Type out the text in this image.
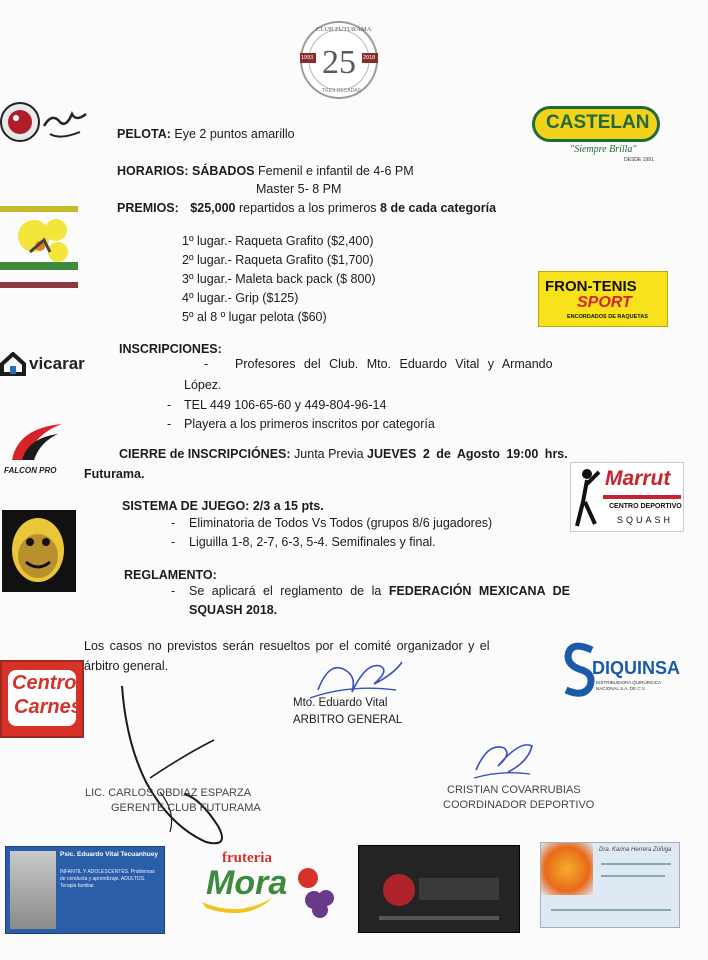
25
CLUB FUTURAMA
1993	2018
TRES DÉCADAS
vicarar
FALCON PRO
Centro
Carnes
CASTELAN
"Siempre Brilla"
DESDE 1991
FRON-TENIS
SPORT
ENCORDADOS DE RAQUETAS
Marrut
CENTRO DEPORTIVO
SQUASH
DIQUINSA
DISTRIBUIDORA QUIRÚRGICA NACIONAL S.A. DE C.V.
PELOTA: Eye 2 puntos amarillo
HORARIOS: SÁBADOS Femenil e infantil de 4-6 PM
Master 5- 8 PM
PREMIOS: $25,000 repartidos a los primeros 8 de cada categoría
1º lugar.- Raqueta Grafito ($2,400)
2º lugar.- Raqueta Grafito ($1,700)
3º lugar.- Maleta back pack ($ 800)
4º lugar.- Grip ($125)
5º al 8 º lugar pelota ($60)
INSCRIPCIONES:
- Profesores del Club. Mto. Eduardo Vital y Armando
López.
- TEL 449 106-65-60 y 449-804-96-14
- Playera a los primeros inscritos por categoría
CIERRE de INSCRIPCIÓNES: Junta Previa JUEVES 2 de Agosto 19:00 hrs.
Futurama.
SISTEMA DE JUEGO: 2/3 a 15 pts.
- Eliminatoria de Todos Vs Todos (grupos 8/6 jugadores)
- Liguilla 1-8, 2-7, 6-3, 5-4. Semifinales y final.
REGLAMENTO:
- Se aplicará el reglamento de la FEDERACIÓN MEXICANA DE
SQUASH 2018.
Los casos no previstos serán resueltos por el comité organizador y el
árbitro general.
Mto. Eduardo Vital
ARBITRO GENERAL
LIC. CARLOS OBDIAZ ESPARZA
GERENTE CLUB FUTURAMA
CRISTIAN COVARRUBIAS
COORDINADOR DEPORTIVO
Psic. Eduardo Vital Tecuanhuey
INFANTIL Y ADOLESCENTES. Problemas de conducta y aprendizaje. ADULTOS. Terapia familiar.
fruteria
Mora
Dra. Karina Herrera Zúñiga
